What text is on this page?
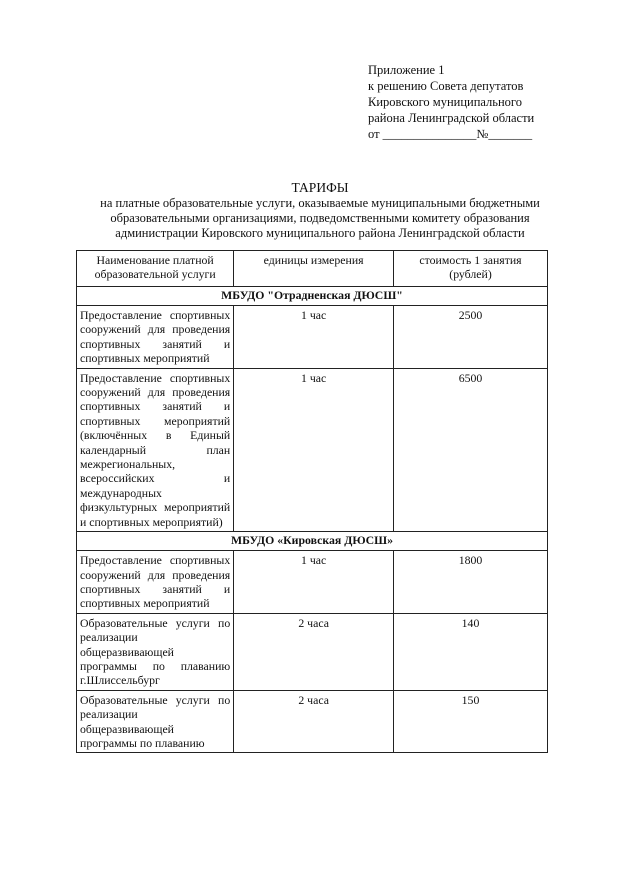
Приложение 1
к решению Совета депутатов
Кировского муниципального
района Ленинградской области
от _______________№_______
ТАРИФЫ
на платные образовательные услуги, оказываемые муниципальными бюджетными
образовательными организациями, подведомственными комитету образования
администрации Кировского муниципального района Ленинградской области
Наименование платной образовательной услуги	единицы измерения	стоимость 1 занятия (рублей)
МБУДО "Отрадненская ДЮСШ"		
Предоставление спортивных сооружений для проведения спортивных занятий и спортивных мероприятий	1 час	2500
Предоставление спортивных сооружений для проведения спортивных занятий и спортивных мероприятий (включённых в Единый календарный план межрегиональных, всероссийских и международных физкультурных мероприятий и спортивных мероприятий)	1 час	6500
МБУДО «Кировская ДЮСШ»		
Предоставление спортивных сооружений для проведения спортивных занятий и спортивных мероприятий	1 час	1800
Образовательные услуги по реализации общеразвивающей программы по плаванию г.Шлиссельбург	2 часа	140
Образовательные услуги по реализации общеразвивающей программы по плаванию	2 часа	150
